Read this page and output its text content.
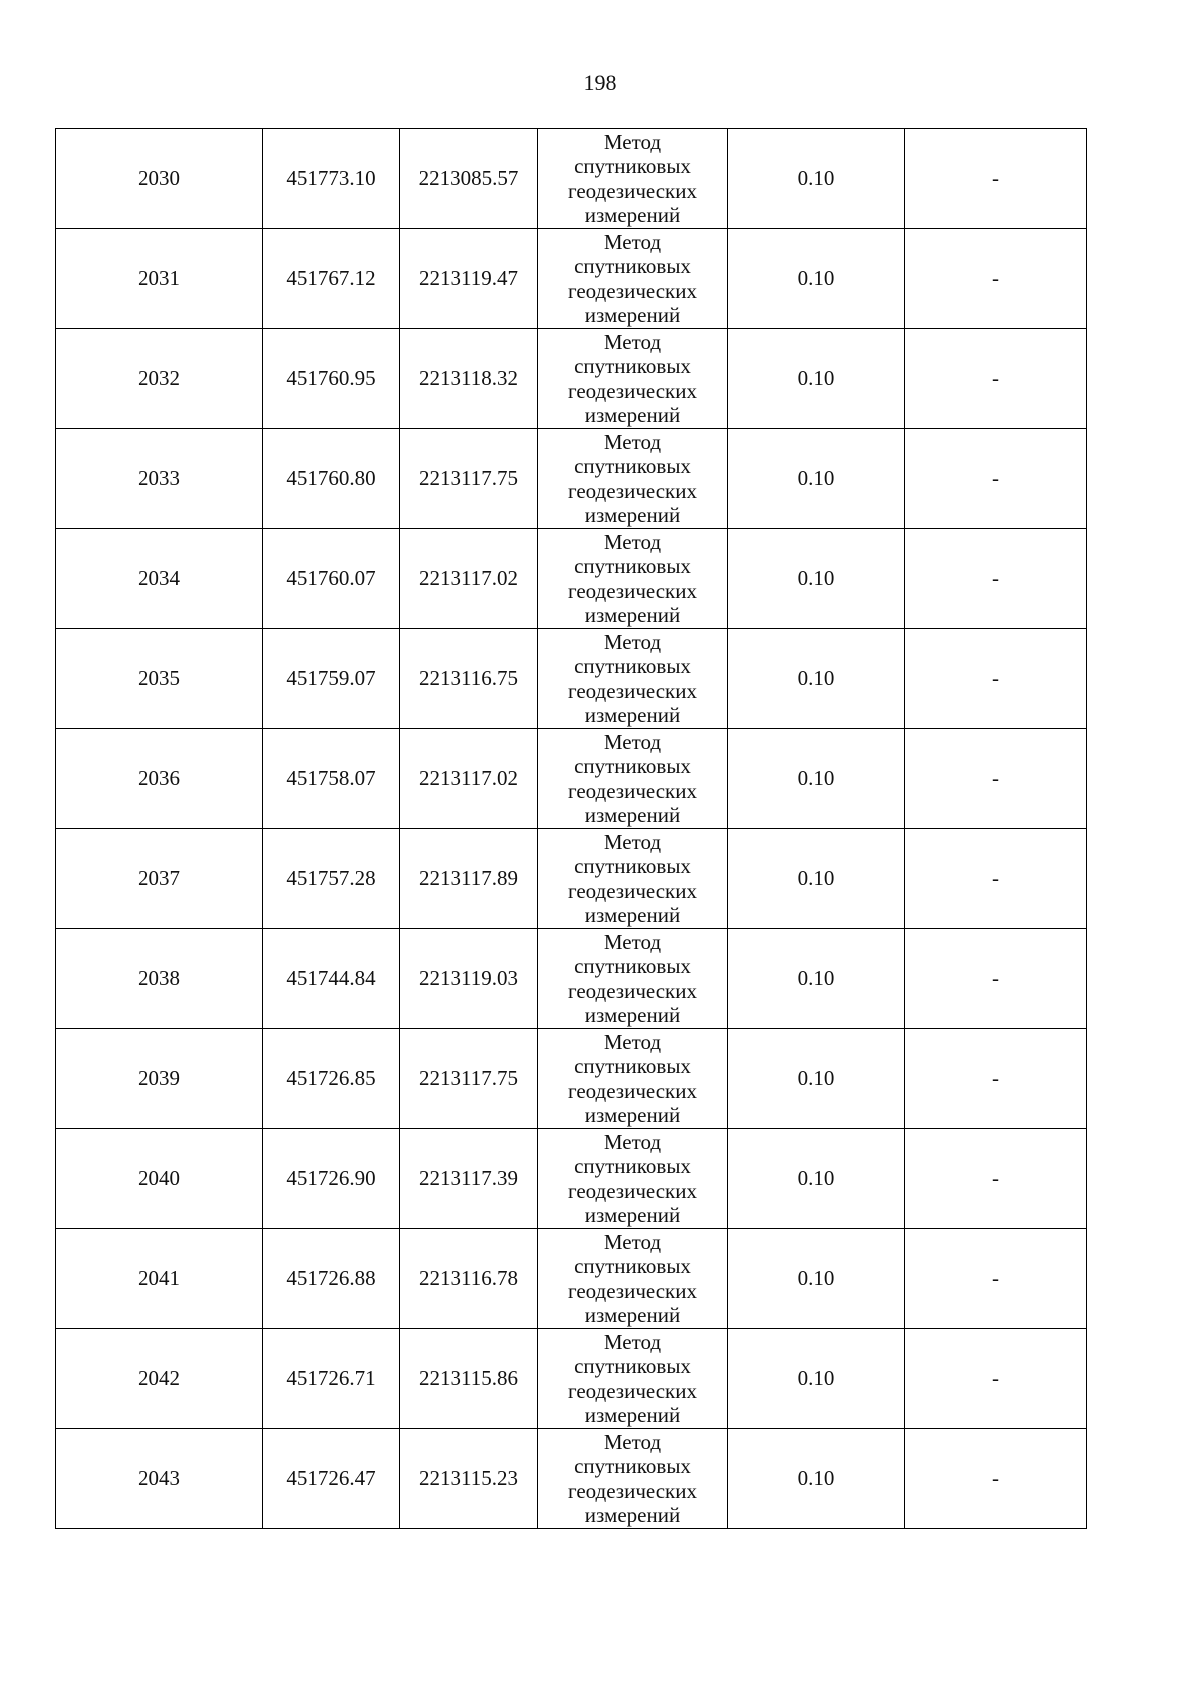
198
2030	451773.10	2213085.57	Метод
спутниковых
геодезических
измерений	0.10	-
2031	451767.12	2213119.47	Метод
спутниковых
геодезических
измерений	0.10	-
2032	451760.95	2213118.32	Метод
спутниковых
геодезических
измерений	0.10	-
2033	451760.80	2213117.75	Метод
спутниковых
геодезических
измерений	0.10	-
2034	451760.07	2213117.02	Метод
спутниковых
геодезических
измерений	0.10	-
2035	451759.07	2213116.75	Метод
спутниковых
геодезических
измерений	0.10	-
2036	451758.07	2213117.02	Метод
спутниковых
геодезических
измерений	0.10	-
2037	451757.28	2213117.89	Метод
спутниковых
геодезических
измерений	0.10	-
2038	451744.84	2213119.03	Метод
спутниковых
геодезических
измерений	0.10	-
2039	451726.85	2213117.75	Метод
спутниковых
геодезических
измерений	0.10	-
2040	451726.90	2213117.39	Метод
спутниковых
геодезических
измерений	0.10	-
2041	451726.88	2213116.78	Метод
спутниковых
геодезических
измерений	0.10	-
2042	451726.71	2213115.86	Метод
спутниковых
геодезических
измерений	0.10	-
2043	451726.47	2213115.23	Метод
спутниковых
геодезических
измерений	0.10	-
